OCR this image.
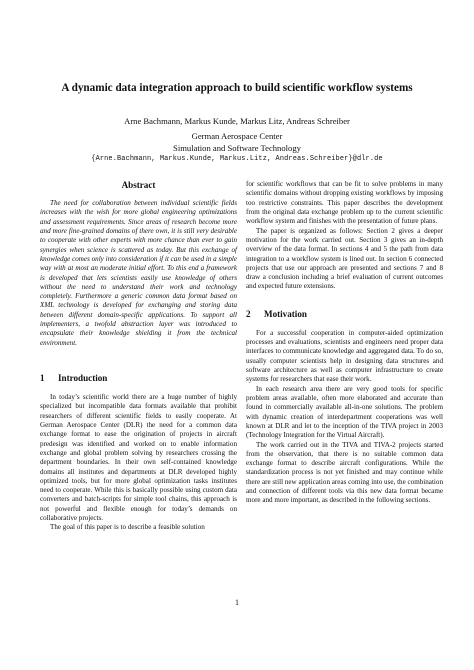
A dynamic data integration approach to build scientific workflow systems
Arne Bachmann, Markus Kunde, Markus Litz, Andreas Schreiber
German Aerospace Center
Simulation and Software Technology
{Arne.Bachmann, Markus.Kunde, Markus.Litz, Andreas.Schreiber}@dlr.de
Abstract

The need for collaboration between individual scientific fields increases with the wish for more global engineering optimizations and assessment requirements. Since areas of research become more and more fine-grained domains of there own, it is still very desirable to cooperate with other experts with more chance than ever to gain synergies when science is scattered as today. But this exchange of knowledge comes only into consideration if it can be used in a simple way with at most an moderate initial effort. To this end a framework is developed that lets scientists easily use knowledge of others without the need to understand their work and technology completely. Furthermore a generic common data format based on XML technology is developed for exchanging and storing data between different domain-specific applications. To support all implementers, a twofold abstraction layer was introduced to encapsulate their knowledge shielding it from the technical environment.

1	Introduction

In today’s scientific world there are a huge number of highly specialized but incompatible data formats available that prohibit researchers of different scientific fields to easily cooperate. At German Aerospace Center (DLR) the need for a common data exchange format to ease the origination of projects in aircraft predesign was identified and worked on to enable information exchange and global problem solving by researchers crossing the department boundaries. In their own self-contained knowledge domains all institutes and departments at DLR developed highly optimized tools, but for more global optimization tasks institutes need to cooperate. While this is basically possible using custom data converters and batch-scripts for simple tool chains, this approach is not powerful and flexible enough for today’s demands on collaborative projects.

The goal of this paper is to describe a feasible solution

for scientific workflows that can be fit to solve problems in many scientific domains without dropping existing workflows by imposing too restrictive constraints. This paper describes the development from the original data exchange problem up to the current scientific workflow system and finishes with the presentation of future plans.

The paper is organized as follows: Section 2 gives a deeper motivation for the work carried out. Section 3 gives an in-depth overview of the data format. In sections 4 and 5 the path from data integration to a workflow system is lined out. In section 6 connected projects that use our approach are presented and sections 7 and 8 draw a conclusion including a brief evaluation of current outcomes and expected future extensions.

2	Motivation

For a successful cooperation in computer-aided optimization processes and evaluations, scientists and engineers need proper data interfaces to communicate knowledge and aggregated data. To do so, usually computer scientists help in designing data structures and software architecture as well as computer infrastructure to create systems for researchers that ease their work.

In each research area there are very good tools for specific problem areas available, often more elaborated and accurate than found in commercially available all-in-one solutions. The problem with dynamic creation of interdepartment cooperations was well known at DLR and let to the inception of the TIVA project in 2003 (Technology Integration for the Virtual Aircraft).

The work carried out in the TIVA and TIVA-2 projects started from the observation, that there is no suitable common data exchange format to describe aircraft configurations. While the standardization process is not yet finished and may continue while there are still new application areas coming into use, the combination and connection of different tools via this new data format became more and more important, as described in the following sections.

1
